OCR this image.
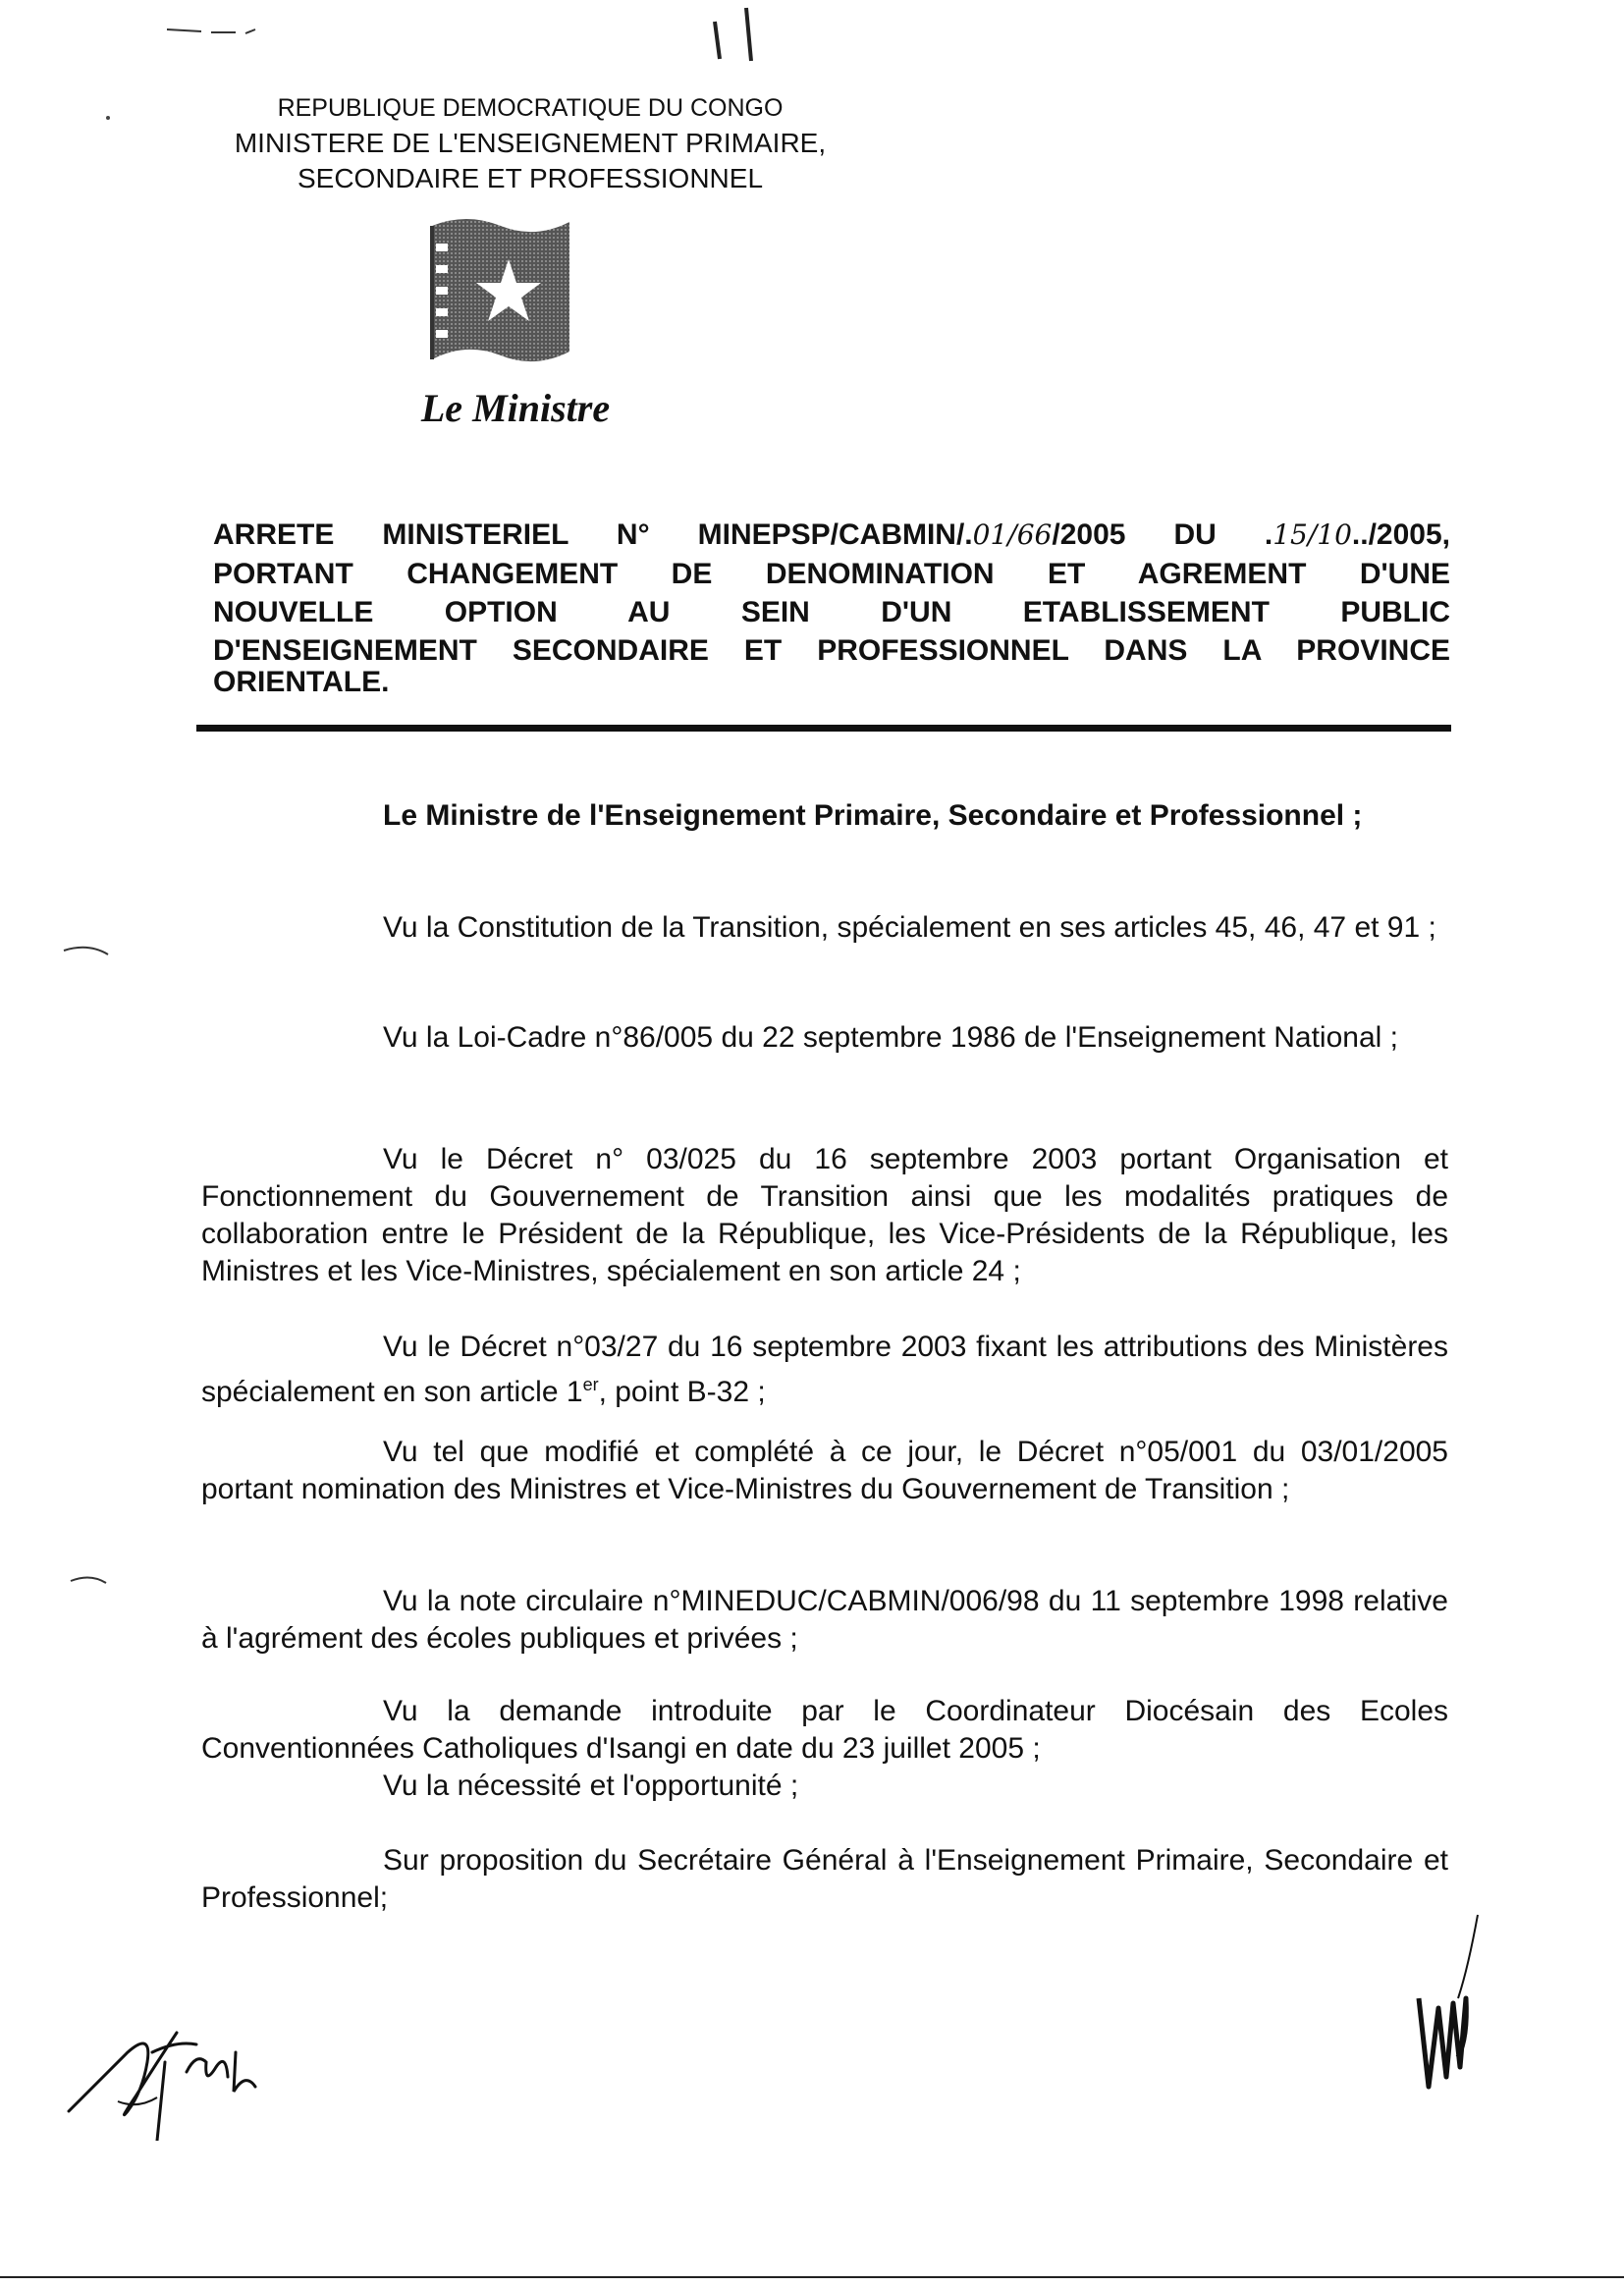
REPUBLIQUE DEMOCRATIQUE DU CONGO
MINISTERE DE L'ENSEIGNEMENT PRIMAIRE,
SECONDAIRE ET PROFESSIONNEL
Le Ministre
ARRETE MINISTERIEL N° MINEPSP/CABMIN/.01/66/2005 DU .15/10../2005,
PORTANT CHANGEMENT DE DENOMINATION ET AGREMENT D'UNE
NOUVELLE OPTION AU SEIN D'UN ETABLISSEMENT PUBLIC
D'ENSEIGNEMENT SECONDAIRE ET PROFESSIONNEL DANS LA PROVINCE
ORIENTALE.
Le Ministre de l'Enseignement Primaire, Secondaire et Professionnel ;
Vu la Constitution de la Transition, spécialement en ses articles 45, 46, 47 et 91 ;
Vu la Loi-Cadre n°86/005 du 22 septembre 1986 de l'Enseignement National ;
Vu le Décret n° 03/025 du 16 septembre 2003 portant Organisation et Fonctionnement du Gouvernement de Transition ainsi que les modalités pratiques de collaboration entre le Président de la République, les Vice-Présidents de la République, les Ministres et les Vice-Ministres, spécialement en son article 24 ;
Vu le Décret n°03/27 du 16 septembre 2003 fixant les attributions des Ministères spécialement en son article 1er, point B-32 ;
Vu tel que modifié et complété à ce jour, le Décret n°05/001 du 03/01/2005 portant nomination des Ministres et Vice-Ministres du Gouvernement de Transition ;
Vu la note circulaire n°MINEDUC/CABMIN/006/98 du 11 septembre 1998 relative à l'agrément des écoles publiques et privées ;
Vu la demande introduite par le Coordinateur Diocésain des Ecoles Conventionnées Catholiques d'Isangi en date du 23 juillet 2005 ;
Vu la nécessité et l'opportunité ;
Sur proposition du Secrétaire Général à l'Enseignement Primaire, Secondaire et Professionnel;
